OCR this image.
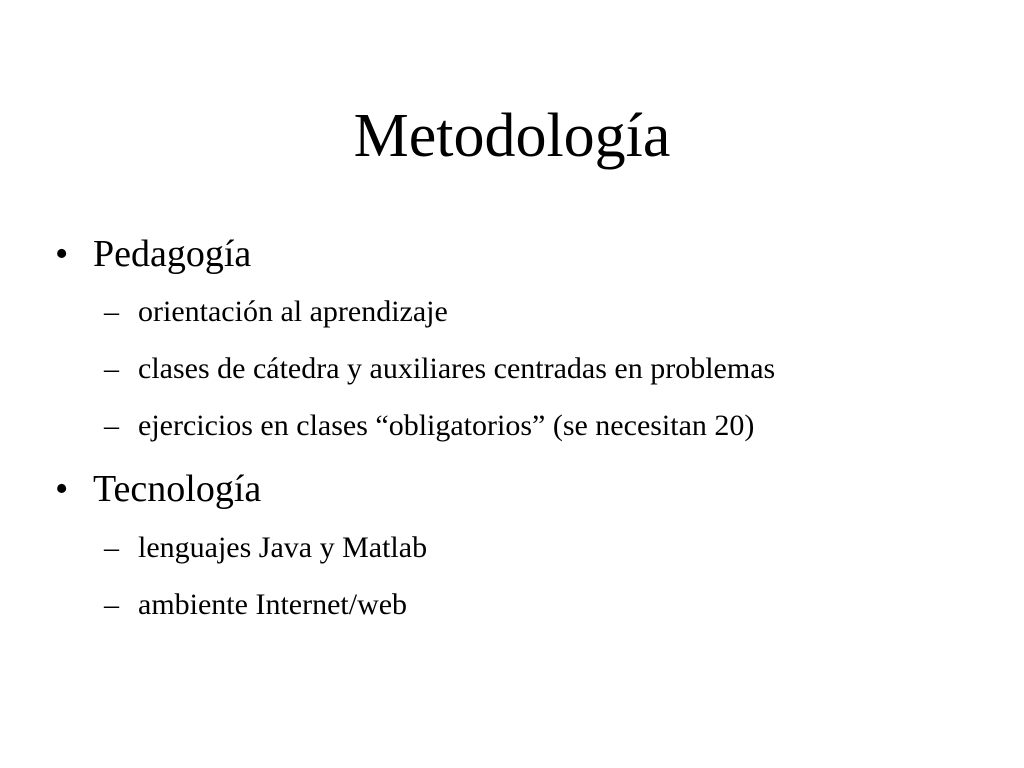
Metodología
• Pedagogía
– orientación al aprendizaje
– clases de cátedra y auxiliares centradas en problemas
– ejercicios en clases “obligatorios” (se necesitan 20)
• Tecnología
– lenguajes Java y Matlab
– ambiente Internet/web
